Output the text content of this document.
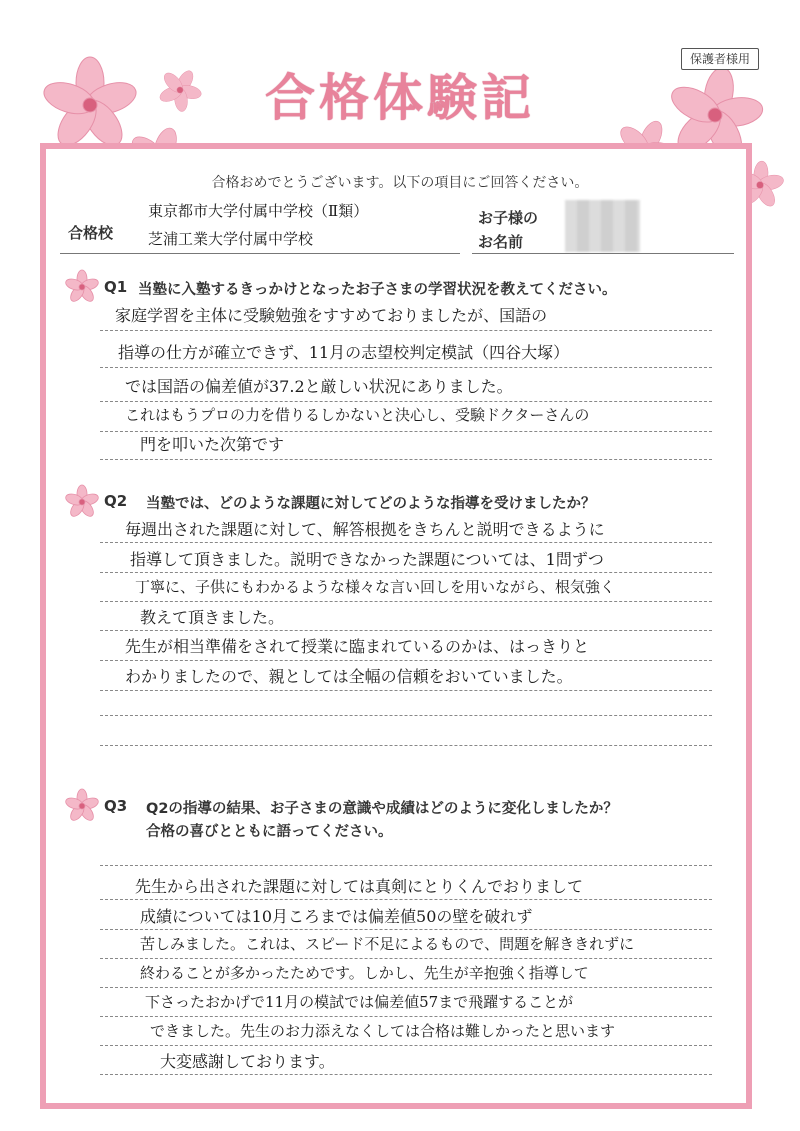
保護者様用
合格体験記
合格おめでとうございます。以下の項目にご回答ください。
合格校
東京都市大学付属中学校（Ⅱ類）
芝浦工業大学付属中学校
お子様の
お名前
Q1 当塾に入塾するきっかけとなったお子さまの学習状況を教えてください。
家庭学習を主体に受験勉強をすすめておりましたが、国語の
指導の仕方が確立できず、11月の志望校判定模試（四谷大塚）
では国語の偏差値が37.2と厳しい状況にありました。
これはもうプロの力を借りるしかないと決心し、受験ドクターさんの
門を叩いた次第です
Q2 当塾では、どのような課題に対してどのような指導を受けましたか？
毎週出された課題に対して、解答根拠をきちんと説明できるように
指導して頂きました。説明できなかった課題については、1問ずつ
丁寧に、子供にもわかるような様々な言い回しを用いながら、根気強く
教えて頂きました。
先生が相当準備をされて授業に臨まれているのかは、はっきりと
わかりましたので、親としては全幅の信頼をおいていました。
Q3 Q2の指導の結果、お子さまの意識や成績はどのように変化しましたか？
合格の喜びとともに語ってください。
先生から出された課題に対しては真剣にとりくんでおりまして
成績については10月ころまでは偏差値50の壁を破れず
苦しみました。これは、スピード不足によるもので、問題を解ききれずに
終わることが多かったためです。しかし、先生が辛抱強く指導して
下さったおかげで11月の模試では偏差値57まで飛躍することが
できました。先生のお力添えなくしては合格は難しかったと思います
大変感謝しております。
